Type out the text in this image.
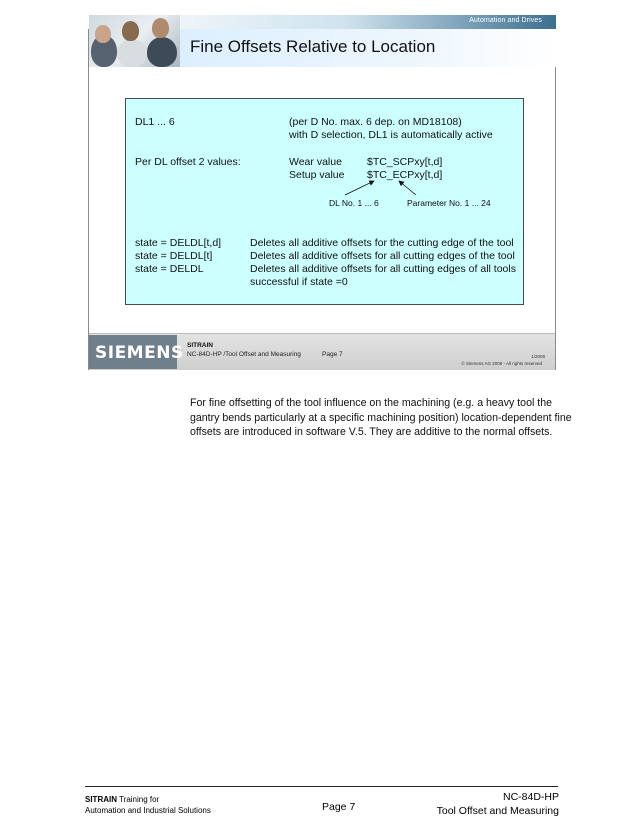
Automation and Drives
Fine Offsets Relative to Location
DL1 ... 6	(per D No. max. 6 dep. on MD18108)
with D selection, DL1 is automatically active
Per DL offset 2 values:	Wear value $TC_SCPxy[t,d]
Setup value $TC_ECPxy[t,d]
DL No. 1 ... 6	Parameter No. 1 ... 24
state = DELDL[t,d]	Deletes all additive offsets for the cutting edge of the tool
state = DELDL[t]	Deletes all additive offsets for all cutting edges of the tool
state = DELDL	Deletes all additive offsets for all cutting edges of all tools
successful if state =0
SIEMENS SITRAIN
NC-84D-HP /Tool Offset and Measuring	Page 7	1/2008
© Siemens AG 2008 - All rights reserved
For fine offsetting of the tool influence on the machining (e.g. a heavy tool the
gantry bends particularly at a specific machining position) location-dependent fine
offsets are introduced in software V.5. They are additive to the normal offsets.
SITRAIN Training for
Automation and Industrial Solutions	Page 7
NC-84D-HP
Tool Offset and Measuring
